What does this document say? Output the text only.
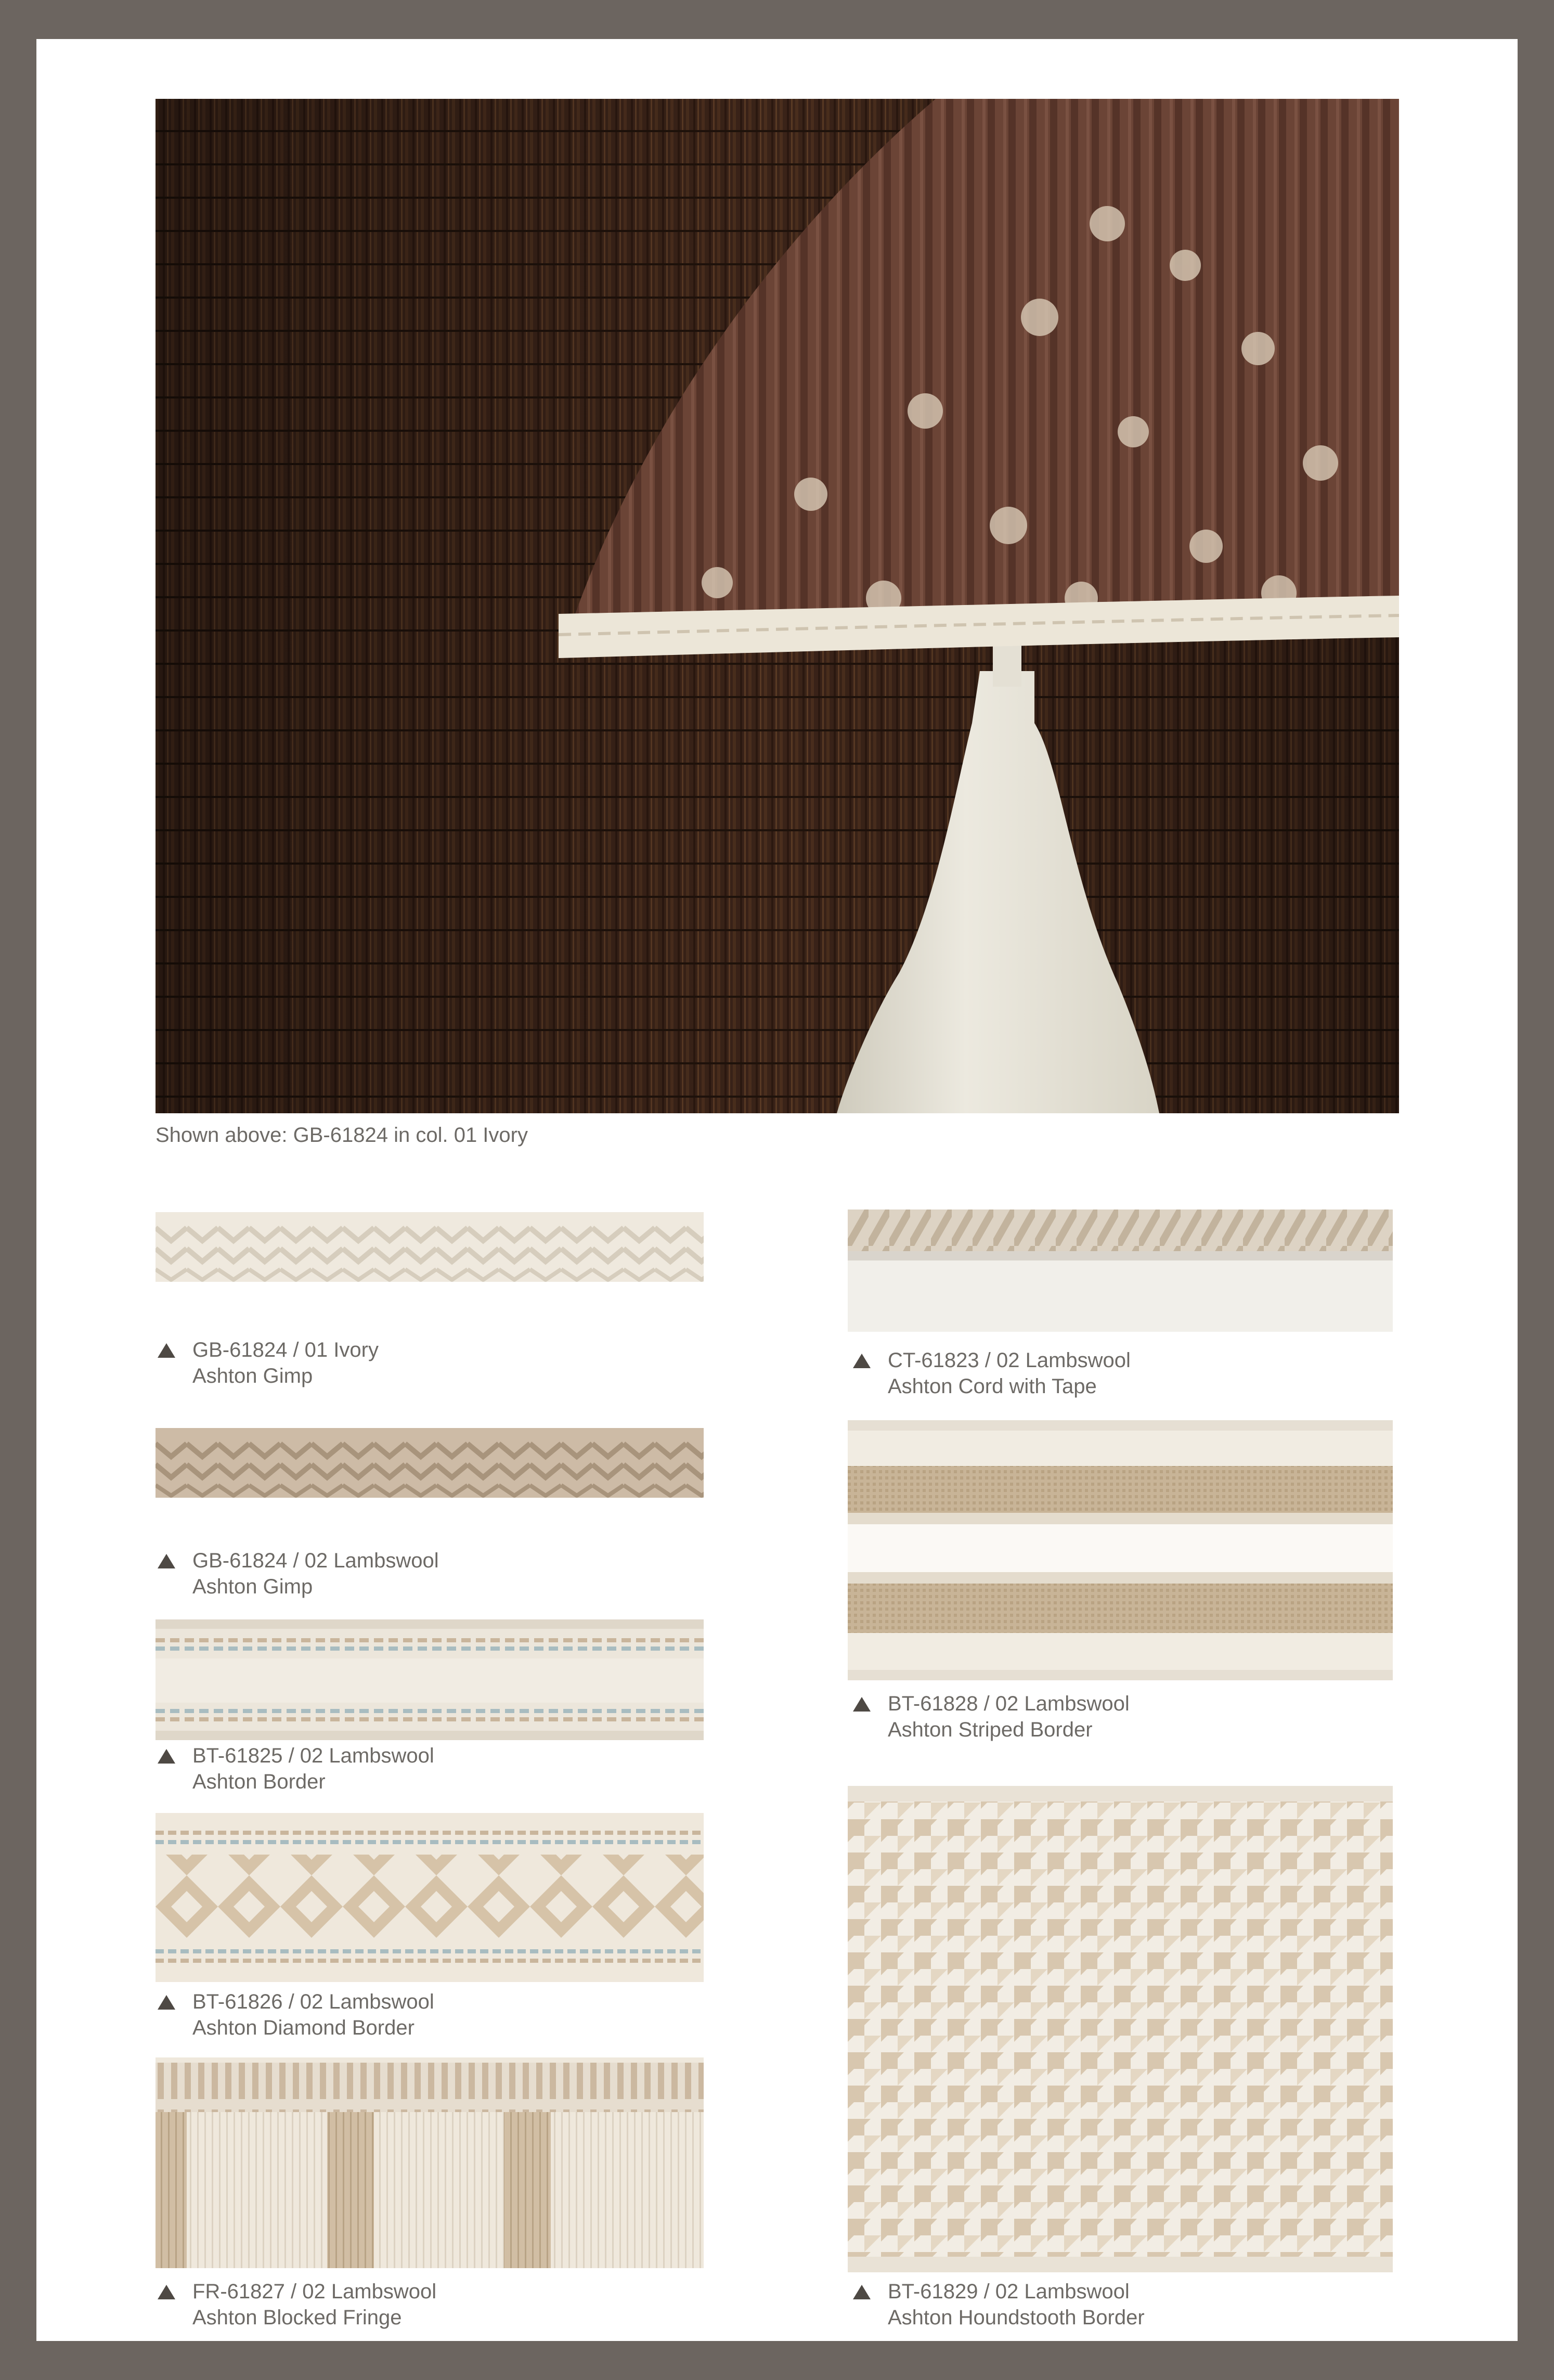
Shown above: GB-61824 in col. 01 Ivory
GB-61824 / 01 Ivory
Ashton Gimp
GB-61824 / 02 Lambswool
Ashton Gimp
BT-61825 / 02 Lambswool
Ashton Border
BT-61826 / 02 Lambswool
Ashton Diamond Border
FR-61827 / 02 Lambswool
Ashton Blocked Fringe
CT-61823 / 02 Lambswool
Ashton Cord with Tape
BT-61828 / 02 Lambswool
Ashton Striped Border
BT-61829 / 02 Lambswool
Ashton Houndstooth Border
